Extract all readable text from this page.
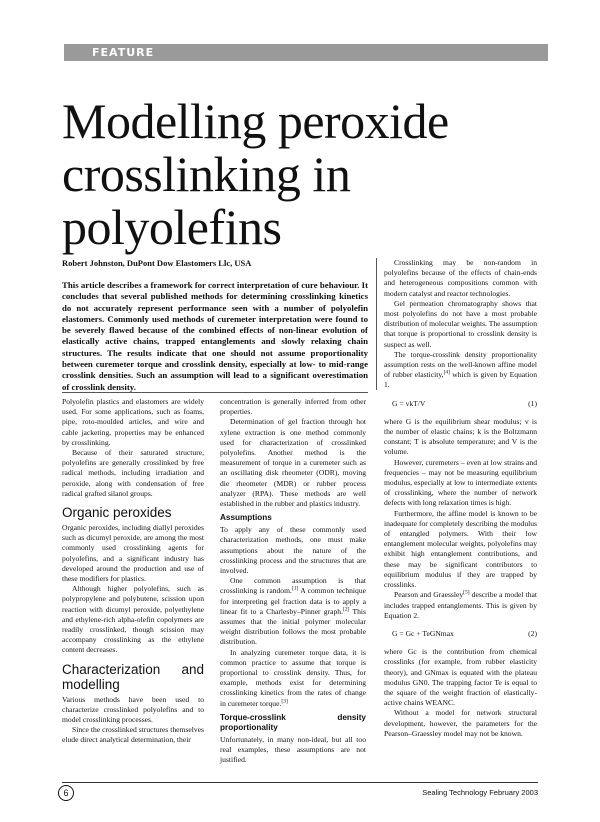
FEATURE
Modelling peroxide crosslinking in polyolefins
Robert Johnston, DuPont Dow Elastomers Llc, USA
This article describes a framework for correct interpretation of cure behaviour. It concludes that several published methods for determining crosslinking kinetics do not accurately represent performance seen with a number of polyolefin elastomers. Commonly used methods of curemeter interpretation were found to be severely flawed because of the combined effects of non-linear evolution of elastically active chains, trapped entanglements and slowly relaxing chain structures. The results indicate that one should not assume proportionality between curemeter torque and crosslink density, especially at low- to mid-range crosslink densities. Such an assumption will lead to a significant overestimation of crosslink density.

Polyolefin plastics and elastomers are widely used. For some applications, such as foams, pipe, roto-moulded articles, and wire and cable jacketing, properties may be enhanced by crosslinking.

Because of their saturated structure, polyolefins are generally crosslinked by free radical methods, including irradiation and peroxide, along with condensation of free radical grafted silanol groups.

Organic peroxides

Organic peroxides, including diallyl peroxides such as dicumyl peroxide, are among the most commonly used crosslinking agents for polyolefins, and a significant industry has developed around the production and use of these modifiers for plastics.

Although higher polyolefins, such as polypropylene and polybutene, scission upon reaction with dicumyl peroxide, polyethylene and ethylene-rich alpha-olefin copolymers are readily crosslinked, though scission may accompany crosslinking as the ethylene content decreases.

Characterization and modelling

Various methods have been used to characterize crosslinked polyolefins and to model crosslinking processes.

Since the crosslinked structures themselves elude direct analytical determination, their

concentration is generally inferred from other properties.

Determination of gel fraction through hot xylene extraction is one method commonly used for characterization of crosslinked polyolefins. Another method is the measurement of torque in a curemeter such as an oscillating disk rheometer (ODR), moving die rheometer (MDR) or rubber process analyzer (RPA). These methods are well established in the rubber and plastics industry.

Assumptions

To apply any of these commonly used characterization methods, one must make assumptions about the nature of the crosslinking process and the structures that are involved.

One common assumption is that crosslinking is random.[1] A common technique for interpreting gel fraction data is to apply a linear fit to a Charlesby–Pinner graph.[2] This assumes that the initial polymer molecular weight distribution follows the most probable distribution.

In analyzing curemeter torque data, it is common practice to assume that torque is proportional to crosslink density. Thus, for example, methods exist for determining crosslinking kinetics from the rates of change in curemeter torque.[3]

Torque-crosslink density proportionality

Unfortunately, in many non-ideal, but all too real examples, these assumptions are not justified.

Crosslinking may be non-random in polyolefins because of the effects of chain-ends and heterogeneous compositions common with modern catalyst and reactor technologies.

Gel permeation chromatography shows that most polyolefins do not have a most probable distribution of molecular weights. The assumption that torque is proportional to crosslink density is suspect as well.

The torque-crosslink density proportionality assumption rests on the well-known affine model of rubber elasticity,[4] which is given by Equation 1.

G = vkT/V	(1)

where G is the equilibrium shear modulus; v is the number of elastic chains; k is the Boltzmann constant; T is absolute temperature; and V is the volume.

However, curemeters – even at low strains and frequencies – may not be measuring equilibrium modulus, especially at low to intermediate extents of crosslinking, where the number of network defects with long relaxation times is high.

Furthermore, the affine model is known to be inadequate for completely describing the modulus of entangled polymers. With their low entanglement molecular weights, polyolefins may exhibit high entanglement contributions, and these may be significant contributors to equilibrium modulus if they are trapped by crosslinks.

Pearson and Graessley[5] describe a model that includes trapped entanglements. This is given by Equation 2.

G = Gc + TeGNmax	(2)

where Gc is the contribution from chemical crosslinks (for example, from rubber elasticity theory), and GNmax is equated with the plateau modulus GN0. The trapping factor Te is equal to the square of the weight fraction of elastically-active chains WEANC.

Without a model for network structural development, however, the parameters for the Pearson–Graessley model may not be known.

6	Sealing Technology February 2003
